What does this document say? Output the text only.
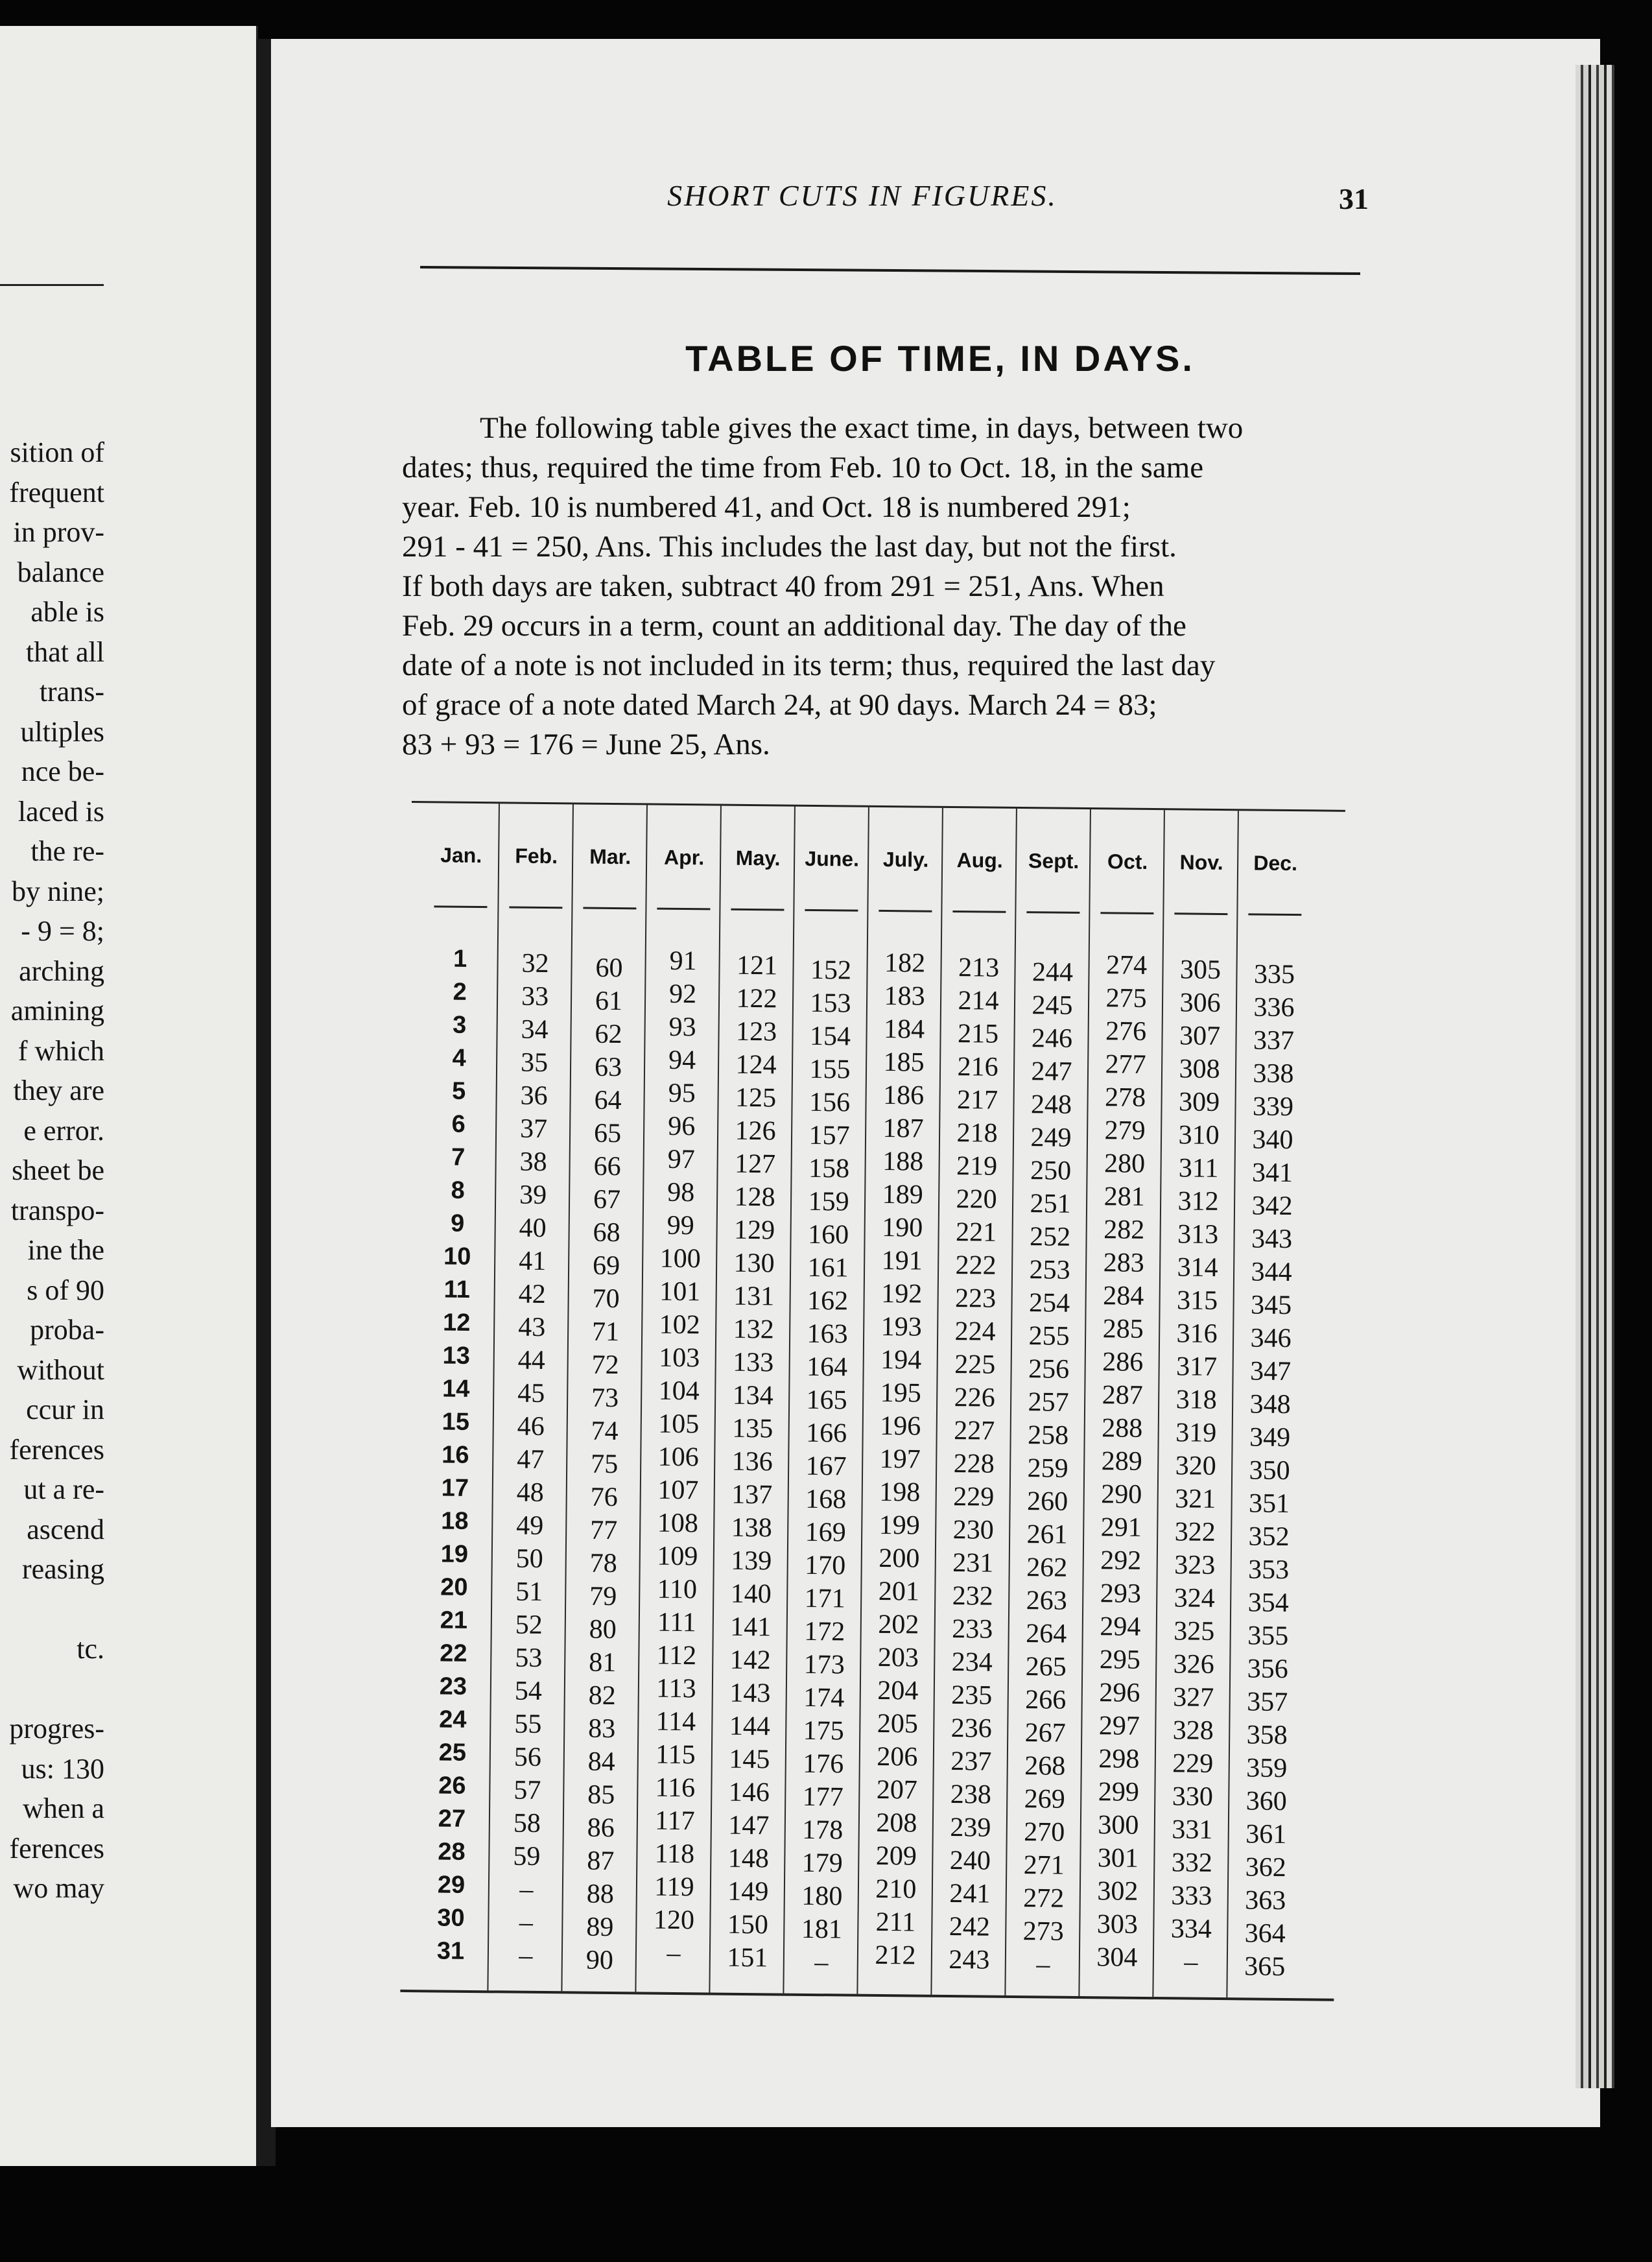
sition of
frequent
in prov-
balance
able is
that all
trans-
ultiples
nce be-
laced is
the re-
by nine;
- 9 = 8;
arching
amining
f which
they are
e error.
sheet be
transpo-
ine the
s of 90
proba-
without
ccur in
ferences
ut a re-
ascend
reasing
tc.
progres-
us: 130
when a
ferences
wo may
SHORT CUTS IN FIGURES.	31
TABLE OF TIME, IN DAYS.
The following table gives the exact time, in days, between two
dates; thus, required the time from Feb. 10 to Oct. 18, in the same
year. Feb. 10 is numbered 41, and Oct. 18 is numbered 291;
291 - 41 = 250, Ans. This includes the last day, but not the first.
If both days are taken, subtract 40 from 291 = 251, Ans. When
Feb. 29 occurs in a term, count an additional day. The day of the
date of a note is not included in its term; thus, required the last day
of grace of a note dated March 24, at 90 days. March 24 = 83;
83 + 93 = 176 = June 25, Ans.
Jan.
1
2
3
4
5
6
7
8
9
10
11
12
13
14
15
16
17
18
19
20
21
22
23
24
25
26
27
28
29
30
31
Feb.
32
33
34
35
36
37
38
39
40
41
42
43
44
45
46
47
48
49
50
51
52
53
54
55
56
57
58
59
–
–
–
Mar.
60
61
62
63
64
65
66
67
68
69
70
71
72
73
74
75
76
77
78
79
80
81
82
83
84
85
86
87
88
89
90
Apr.
91
92
93
94
95
96
97
98
99
100
101
102
103
104
105
106
107
108
109
110
111
112
113
114
115
116
117
118
119
120
–
May.
121
122
123
124
125
126
127
128
129
130
131
132
133
134
135
136
137
138
139
140
141
142
143
144
145
146
147
148
149
150
151
June.
152
153
154
155
156
157
158
159
160
161
162
163
164
165
166
167
168
169
170
171
172
173
174
175
176
177
178
179
180
181
–
July.
182
183
184
185
186
187
188
189
190
191
192
193
194
195
196
197
198
199
200
201
202
203
204
205
206
207
208
209
210
211
212
Aug.
213
214
215
216
217
218
219
220
221
222
223
224
225
226
227
228
229
230
231
232
233
234
235
236
237
238
239
240
241
242
243
Sept.
244
245
246
247
248
249
250
251
252
253
254
255
256
257
258
259
260
261
262
263
264
265
266
267
268
269
270
271
272
273
–
Oct.
274
275
276
277
278
279
280
281
282
283
284
285
286
287
288
289
290
291
292
293
294
295
296
297
298
299
300
301
302
303
304
Nov.
305
306
307
308
309
310
311
312
313
314
315
316
317
318
319
320
321
322
323
324
325
326
327
328
229
330
331
332
333
334
–
Dec.
335
336
337
338
339
340
341
342
343
344
345
346
347
348
349
350
351
352
353
354
355
356
357
358
359
360
361
362
363
364
365
